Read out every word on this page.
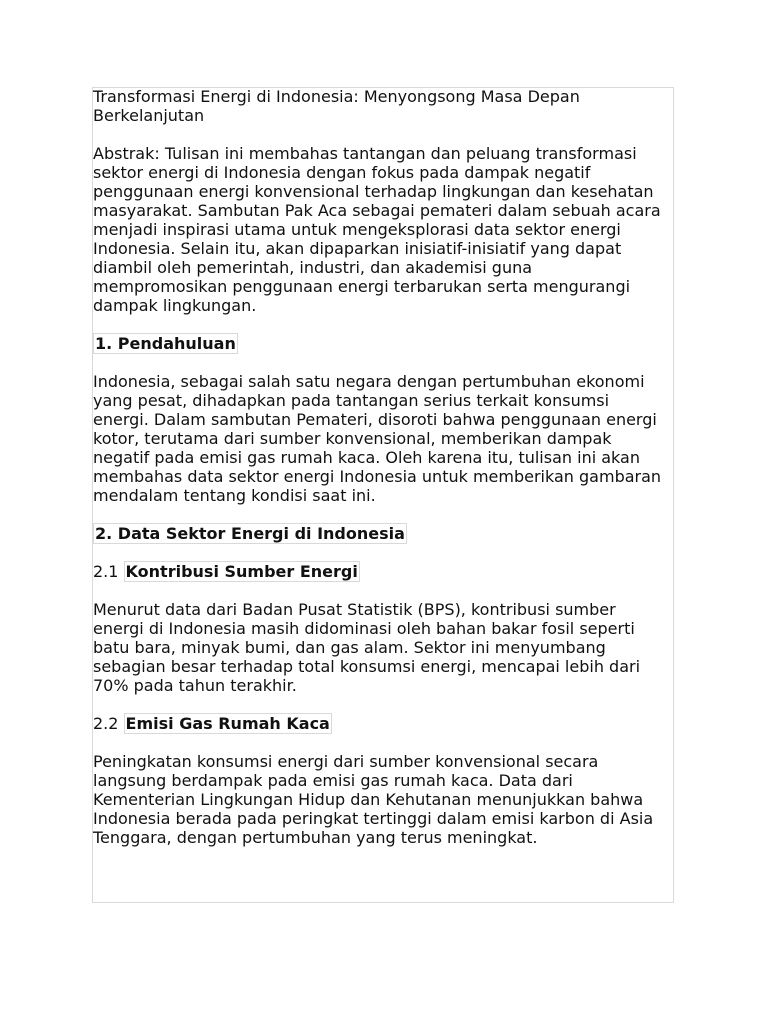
Transformasi Energi di Indonesia: Menyongsong Masa Depan Berkelanjutan

Abstrak: Tulisan ini membahas tantangan dan peluang transformasi sektor energi di Indonesia dengan fokus pada dampak negatif penggunaan energi konvensional terhadap lingkungan dan kesehatan masyarakat. Sambutan Pak Aca sebagai pemateri dalam sebuah acara menjadi inspirasi utama untuk mengeksplorasi data sektor energi Indonesia. Selain itu, akan dipaparkan inisiatif-inisiatif yang dapat diambil oleh pemerintah, industri, dan akademisi guna mempromosikan penggunaan energi terbarukan serta mengurangi dampak lingkungan.

1. Pendahuluan

Indonesia, sebagai salah satu negara dengan pertumbuhan ekonomi yang pesat, dihadapkan pada tantangan serius terkait konsumsi energi. Dalam sambutan Pemateri, disoroti bahwa penggunaan energi kotor, terutama dari sumber konvensional, memberikan dampak negatif pada emisi gas rumah kaca. Oleh karena itu, tulisan ini akan membahas data sektor energi Indonesia untuk memberikan gambaran mendalam tentang kondisi saat ini.

2. Data Sektor Energi di Indonesia

2.1 Kontribusi Sumber Energi

Menurut data dari Badan Pusat Statistik (BPS), kontribusi sumber energi di Indonesia masih didominasi oleh bahan bakar fosil seperti batu bara, minyak bumi, dan gas alam. Sektor ini menyumbang sebagian besar terhadap total konsumsi energi, mencapai lebih dari 70% pada tahun terakhir.

2.2 Emisi Gas Rumah Kaca

Peningkatan konsumsi energi dari sumber konvensional secara langsung berdampak pada emisi gas rumah kaca. Data dari Kementerian Lingkungan Hidup dan Kehutanan menunjukkan bahwa Indonesia berada pada peringkat tertinggi dalam emisi karbon di Asia Tenggara, dengan pertumbuhan yang terus meningkat.
